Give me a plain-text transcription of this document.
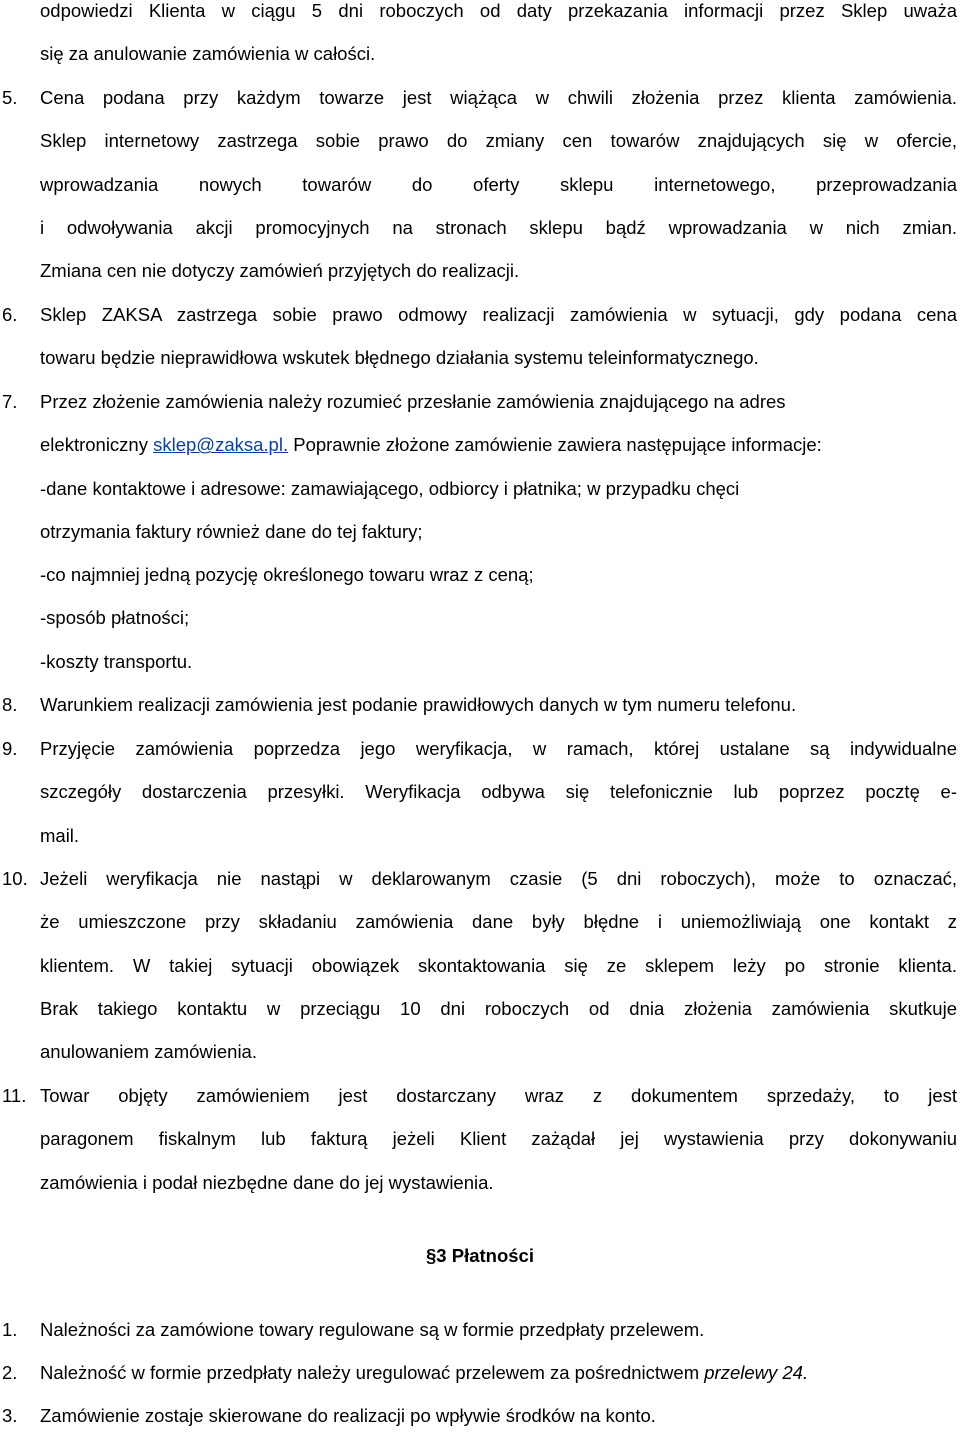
odpowiedzi Klienta w ciągu 5 dni roboczych od daty przekazania informacji przez Sklep uważa
się za anulowanie zamówienia w całości.
5. Cena podana przy każdym towarze jest wiążąca w chwili złożenia przez klienta zamówienia.
Sklep internetowy zastrzega sobie prawo do zmiany cen towarów znajdujących się w ofercie,
wprowadzania nowych towarów do oferty sklepu internetowego, przeprowadzania
i odwoływania akcji promocyjnych na stronach sklepu bądź wprowadzania w nich zmian.
Zmiana cen nie dotyczy zamówień przyjętych do realizacji.
6. Sklep ZAKSA zastrzega sobie prawo odmowy realizacji zamówienia w sytuacji, gdy podana cena
towaru będzie nieprawidłowa wskutek błędnego działania systemu teleinformatycznego.
7. Przez złożenie zamówienia należy rozumieć przesłanie zamówienia znajdującego na adres
elektroniczny sklep@zaksa.pl. Poprawnie złożone zamówienie zawiera następujące informacje:
-dane kontaktowe i adresowe: zamawiającego, odbiorcy i płatnika; w przypadku chęci
otrzymania faktury również dane do tej faktury;
-co najmniej jedną pozycję określonego towaru wraz z ceną;
-sposób płatności;
-koszty transportu.
8. Warunkiem realizacji zamówienia jest podanie prawidłowych danych w tym numeru telefonu.
9. Przyjęcie zamówienia poprzedza jego weryfikacja, w ramach, której ustalane są indywidualne
szczegóły dostarczenia przesyłki. Weryfikacja odbywa się telefonicznie lub poprzez pocztę e-
mail.
10. Jeżeli weryfikacja nie nastąpi w deklarowanym czasie (5 dni roboczych), może to oznaczać,
że umieszczone przy składaniu zamówienia dane były błędne i uniemożliwiają one kontakt z
klientem. W takiej sytuacji obowiązek skontaktowania się ze sklepem leży po stronie klienta.
Brak takiego kontaktu w przeciągu 10 dni roboczych od dnia złożenia zamówienia skutkuje
anulowaniem zamówienia.
11. Towar objęty zamówieniem jest dostarczany wraz z dokumentem sprzedaży, to jest
paragonem fiskalnym lub fakturą jeżeli Klient zażądał jej wystawienia przy dokonywaniu
zamówienia i podał niezbędne dane do jej wystawienia.
§3 Płatności
1. Należności za zamówione towary regulowane są w formie przedpłaty przelewem.
2. Należność w formie przedpłaty należy uregulować przelewem za pośrednictwem przelewy 24.
3. Zamówienie zostaje skierowane do realizacji po wpływie środków na konto.
